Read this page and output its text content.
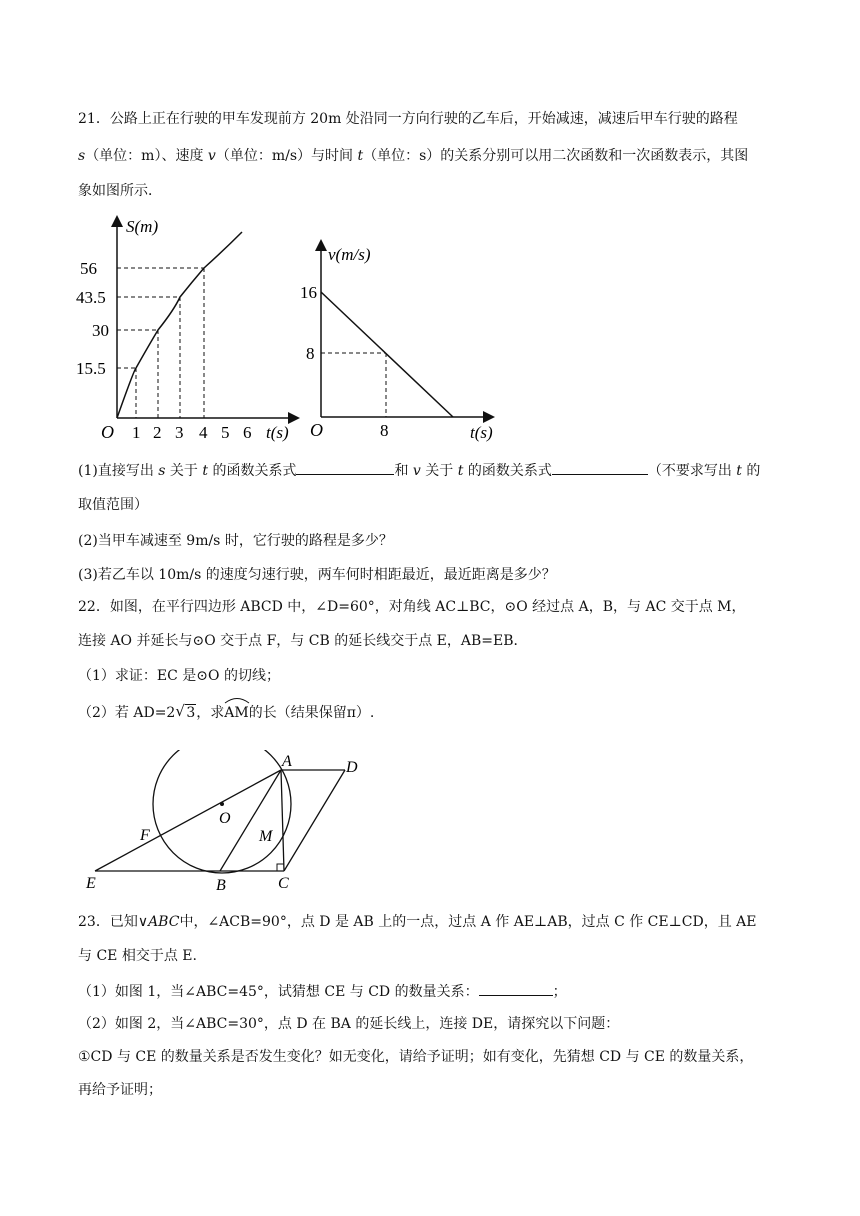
21．公路上正在行驶的甲车发现前方 20m 处沿同一方向行驶的乙车后，开始减速，减速后甲车行驶的路程
s（单位：m）、速度 v（单位：m/s）与时间 t（单位：s）的关系分别可以用二次函数和一次函数表示，其图
象如图所示．
S(m)
56
43.5
30
15.5
O 1 2 3 4 5 6 t(s)
v(m/s)
16
8
O	8	t(s)
(1)直接写出 s 关于 t 的函数关系式	和 v 关于 t 的函数关系式	（不要求写出 t 的
取值范围）
(2)当甲车减速至 9m/s 时，它行驶的路程是多少？
(3)若乙车以 10m/s 的速度匀速行驶，两车何时相距最近，最近距离是多少？
22．如图，在平行四边形 ABCD 中，∠D=60°，对角线 AC⊥BC，⊙O 经过点 A，B，与 AC 交于点 M，
连接 AO 并延长与⊙O 交于点 F，与 CB 的延长线交于点 E，AB=EB．
（1）求证：EC 是⊙O 的切线；
（2）若 AD=2√ 3，求
AM的长（结果保留π）.
A	D
O
F	M
E	B	C
23．已知∨ABC中，∠ACB=90°，点 D 是 AB 上的一点，过点 A 作 AE⊥AB，过点 C 作 CE⊥CD，且 AE
与 CE 相交于点 E.
（1）如图 1，当∠ABC=45°，试猜想 CE 与 CD 的数量关系：	；
（2）如图 2，当∠ABC=30°，点 D 在 BA 的延长线上，连接 DE，请探究以下问题：
①CD 与 CE 的数量关系是否发生变化？如无变化，请给予证明；如有变化，先猜想 CD 与 CE 的数量关系，
再给予证明；
